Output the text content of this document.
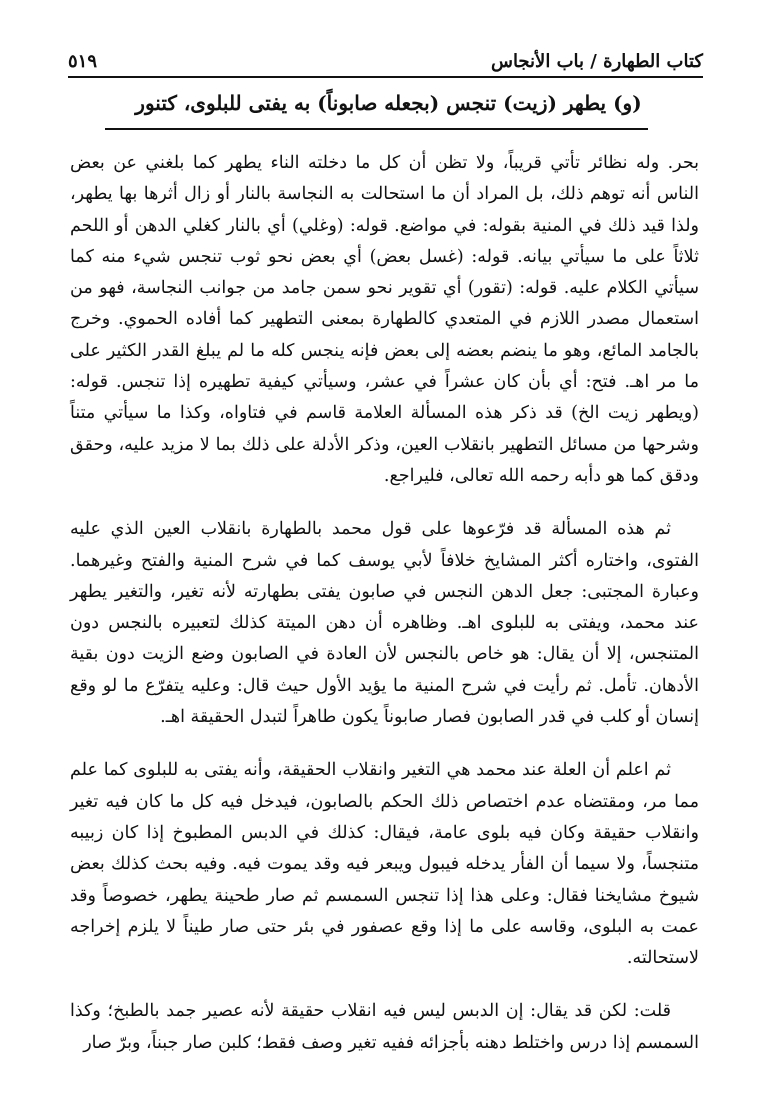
كتاب الطهارة / باب الأنجاس
٥١٩
(و) يطهر (زيت) تنجس (بجعله صابوناً) به يفتى للبلوى، كتنور

بحر. وله نظائر تأتي قريباً، ولا تظن أن كل ما دخلته الناء يطهر كما بلغني عن بعض الناس أنه توهم ذلك، بل المراد أن ما استحالت به النجاسة بالنار أو زال أثرها بها يطهر، ولذا قيد ذلك في المنية بقوله: في مواضع. قوله: (وغلي) أي بالنار كغلي الدهن أو اللحم ثلاثاً على ما سيأتي بيانه. قوله: (غسل بعض) أي بعض نحو ثوب تنجس شيء منه كما سيأتي الكلام عليه. قوله: (تقور) أي تقوير نحو سمن جامد من جوانب النجاسة، فهو من استعمال مصدر اللازم في المتعدي كالطهارة بمعنى التطهير كما أفاده الحموي. وخرج بالجامد المائع، وهو ما ينضم بعضه إلى بعض فإنه ينجس كله ما لم يبلغ القدر الكثير على ما مر اهـ. فتح: أي بأن كان عشراً في عشر، وسيأتي كيفية تطهيره إذا تنجس. قوله: (ويطهر زيت الخ) قد ذكر هذه المسألة العلامة قاسم في فتاواه، وكذا ما سيأتي متناً وشرحها من مسائل التطهير بانقلاب العين، وذكر الأدلة على ذلك بما لا مزيد عليه، وحقق ودقق كما هو دأبه رحمه الله تعالى، فليراجع.

ثم هذه المسألة قد فرّعوها على قول محمد بالطهارة بانقلاب العين الذي عليه الفتوى، واختاره أكثر المشايخ خلافاً لأبي يوسف كما في شرح المنية والفتح وغيرهما. وعبارة المجتبى: جعل الدهن النجس في صابون يفتى بطهارته لأنه تغير، والتغير يطهر عند محمد، ويفتى به للبلوى اهـ. وظاهره أن دهن الميتة كذلك لتعبيره بالنجس دون المتنجس، إلا أن يقال: هو خاص بالنجس لأن العادة في الصابون وضع الزيت دون بقية الأدهان. تأمل. ثم رأيت في شرح المنية ما يؤيد الأول حيث قال: وعليه يتفرّع ما لو وقع إنسان أو كلب في قدر الصابون فصار صابوناً يكون طاهراً لتبدل الحقيقة اهـ.

ثم اعلم أن العلة عند محمد هي التغير وانقلاب الحقيقة، وأنه يفتى به للبلوى كما علم مما مر، ومقتضاه عدم اختصاص ذلك الحكم بالصابون، فيدخل فيه كل ما كان فيه تغير وانقلاب حقيقة وكان فيه بلوى عامة، فيقال: كذلك في الدبس المطبوخ إذا كان زبيبه متنجساً، ولا سيما أن الفأر يدخله فيبول ويبعر فيه وقد يموت فيه. وفيه بحث كذلك بعض شيوخ مشايخنا فقال: وعلى هذا إذا تنجس السمسم ثم صار طحينة يطهر، خصوصاً وقد عمت به البلوى، وقاسه على ما إذا وقع عصفور في بئر حتى صار طيناً لا يلزم إخراجه لاستحالته.

قلت: لكن قد يقال: إن الدبس ليس فيه انقلاب حقيقة لأنه عصير جمد بالطبخ؛ وكذا السمسم إذا درس واختلط دهنه بأجزائه ففيه تغير وصف فقط؛ كلبن صار جبناً، وبرّ صار
